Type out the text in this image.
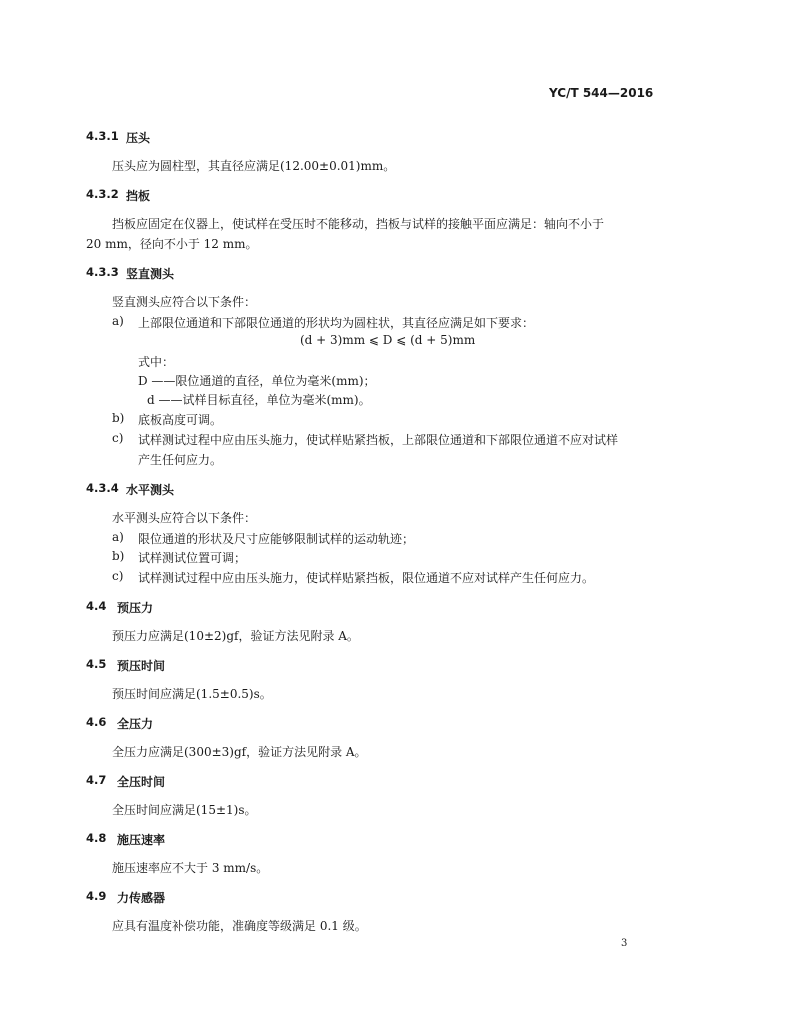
YC/T 544—2016
4.3.1 压头
压头应为圆柱型，其直径应满足(12.00±0.01)mm。
4.3.2 挡板
挡板应固定在仪器上，使试样在受压时不能移动，挡板与试样的接触平面应满足：轴向不小于
20 mm，径向不小于 12 mm。
4.3.3 竖直测头
竖直测头应符合以下条件：
a) 上部限位通道和下部限位通道的形状均为圆柱状，其直径应满足如下要求：
(d + 3)mm ⩽ D ⩽ (d + 5)mm
式中：
D ——限位通道的直径，单位为毫米(mm)；
d ——试样目标直径，单位为毫米(mm)。
b) 底板高度可调。
c) 试样测试过程中应由压头施力，使试样贴紧挡板，上部限位通道和下部限位通道不应对试样
产生任何应力。
4.3.4 水平测头
水平测头应符合以下条件：
a) 限位通道的形状及尺寸应能够限制试样的运动轨迹；
b) 试样测试位置可调；
c) 试样测试过程中应由压头施力，使试样贴紧挡板，限位通道不应对试样产生任何应力。
4.4 预压力
预压力应满足(10±2)gf，验证方法见附录 A。
4.5 预压时间
预压时间应满足(1.5±0.5)s。
4.6 全压力
全压力应满足(300±3)gf，验证方法见附录 A。
4.7 全压时间
全压时间应满足(15±1)s。
4.8 施压速率
施压速率应不大于 3 mm/s。
4.9 力传感器
应具有温度补偿功能，准确度等级满足 0.1 级。
3
